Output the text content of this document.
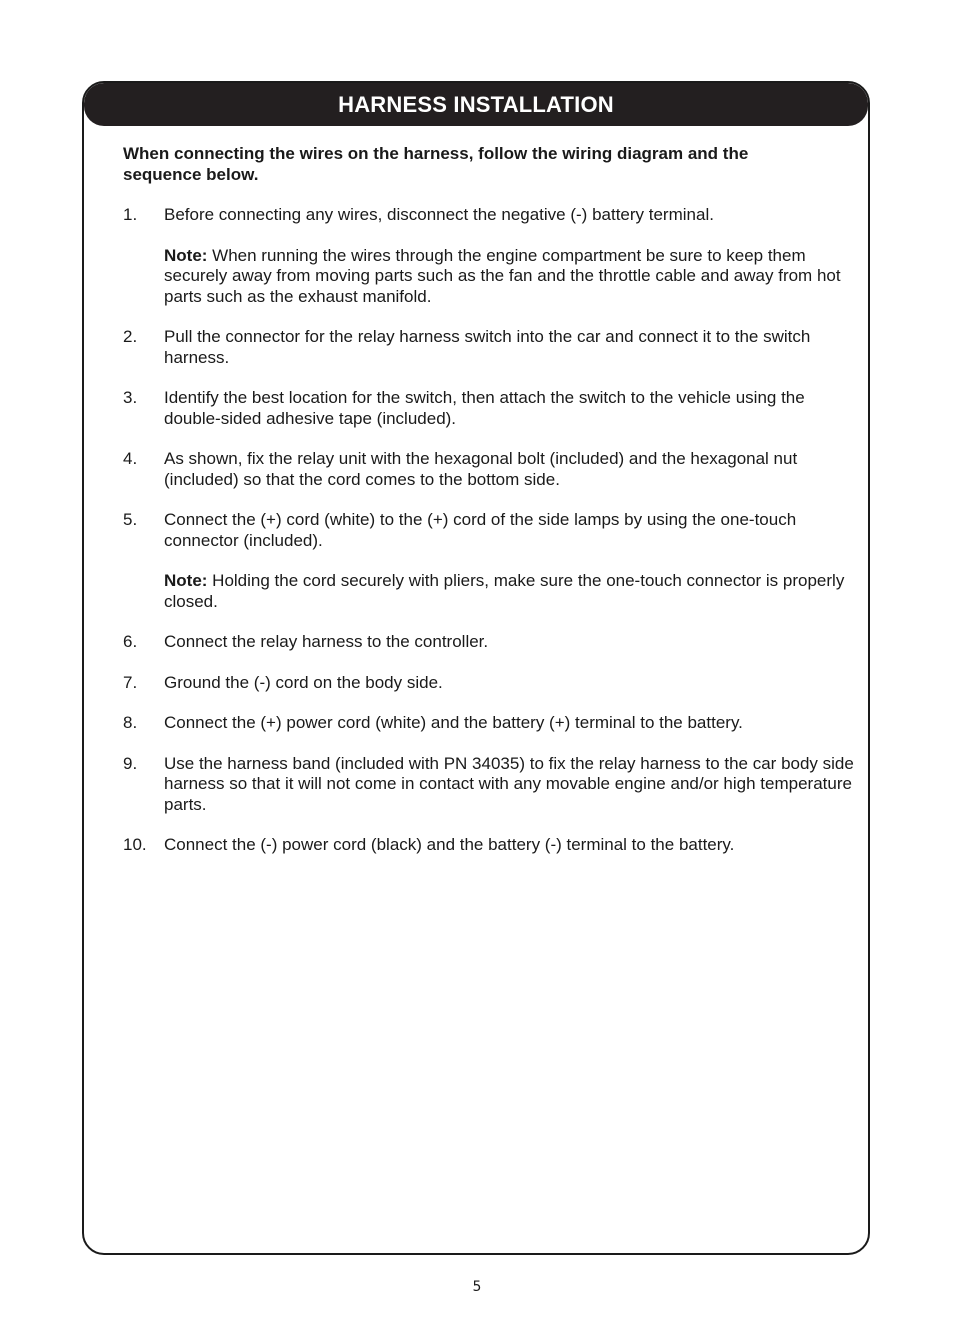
HARNESS INSTALLATION

When connecting the wires on the harness, follow the wiring diagram and the sequence below.

1.	Before connecting any wires, disconnect the negative (-) battery terminal.

Note: When running the wires through the engine compartment be sure to keep them securely away from moving parts such as the fan and the throttle cable and away from hot parts such as the exhaust manifold.

2.	Pull the connector for the relay harness switch into the car and connect it to the switch harness.

3.	Identify the best location for the switch, then attach the switch to the vehicle using the double-sided adhesive tape (included).

4.	As shown, fix the relay unit with the hexagonal bolt (included) and the hexagonal nut (included) so that the cord comes to the bottom side.

5.	Connect the (+) cord (white) to the (+) cord of the side lamps by using the one-touch connector (included).

Note: Holding the cord securely with pliers, make sure the one-touch connector is properly closed.

6.	Connect the relay harness to the controller.

7.	Ground the (-) cord on the body side.

8.	Connect the (+) power cord (white) and the battery (+) terminal to the battery.

9.	Use the harness band (included with PN 34035) to fix the relay harness to the car body side harness so that it will not come in contact with any movable engine and/or high temperature parts.

10.	Connect the (-) power cord (black) and the battery (-) terminal to the battery.

5
